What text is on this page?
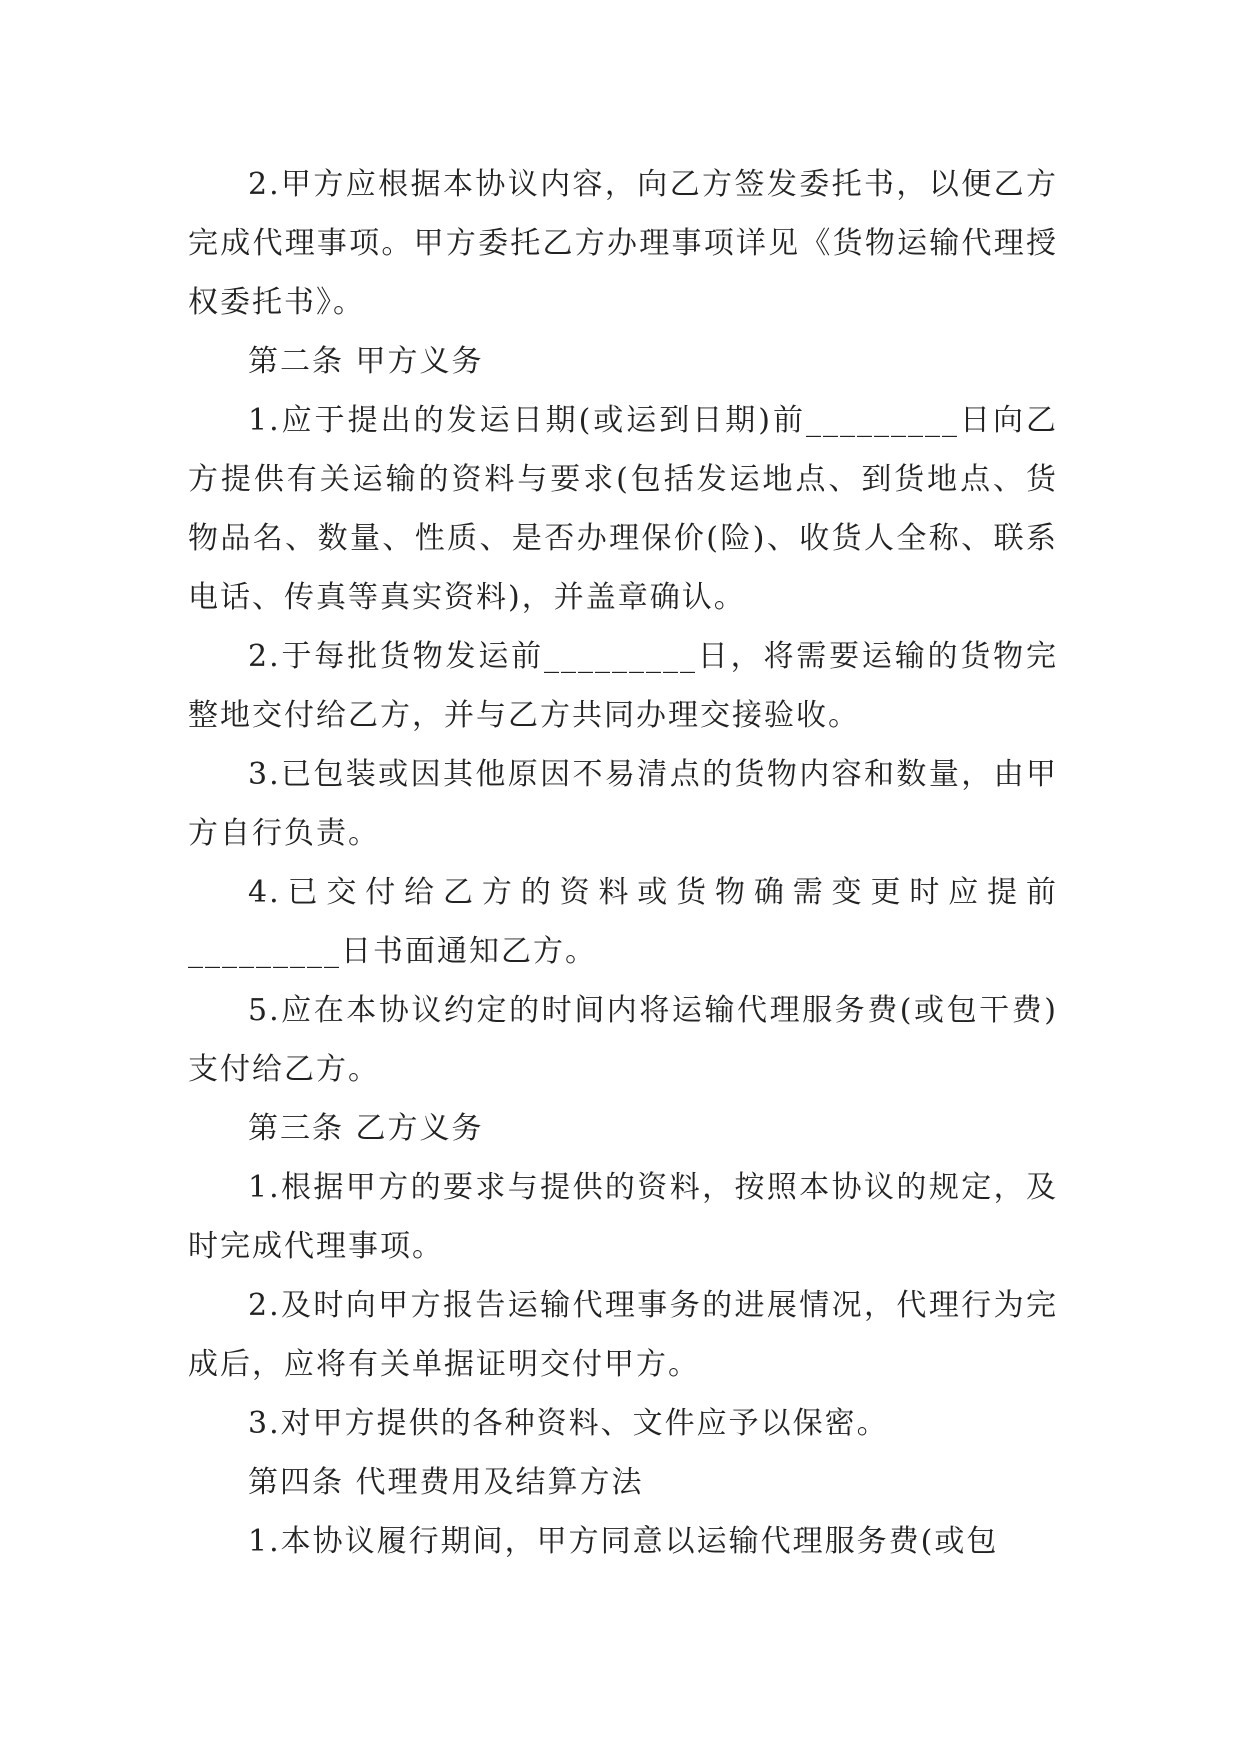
2.甲方应根据本协议内容，向乙方签发委托书，以便乙方完成代理事项。甲方委托乙方办理事项详见《货物运输代理授权委托书》。

第二条 甲方义务

1.应于提出的发运日期(或运到日期)前_________日向乙方提供有关运输的资料与要求(包括发运地点、到货地点、货物品名、数量、性质、是否办理保价(险)、收货人全称、联系电话、传真等真实资料)，并盖章确认。

2.于每批货物发运前_________日，将需要运输的货物完整地交付给乙方，并与乙方共同办理交接验收。

3.已包装或因其他原因不易清点的货物内容和数量，由甲方自行负责。

4.已交付给乙方的资料或货物确需变更时应提前_________日书面通知乙方。

5.应在本协议约定的时间内将运输代理服务费(或包干费)支付给乙方。

第三条 乙方义务

1.根据甲方的要求与提供的资料，按照本协议的规定，及时完成代理事项。

2.及时向甲方报告运输代理事务的进展情况，代理行为完成后，应将有关单据证明交付甲方。

3.对甲方提供的各种资料、文件应予以保密。

第四条 代理费用及结算方法

1.本协议履行期间，甲方同意以运输代理服务费(或包
